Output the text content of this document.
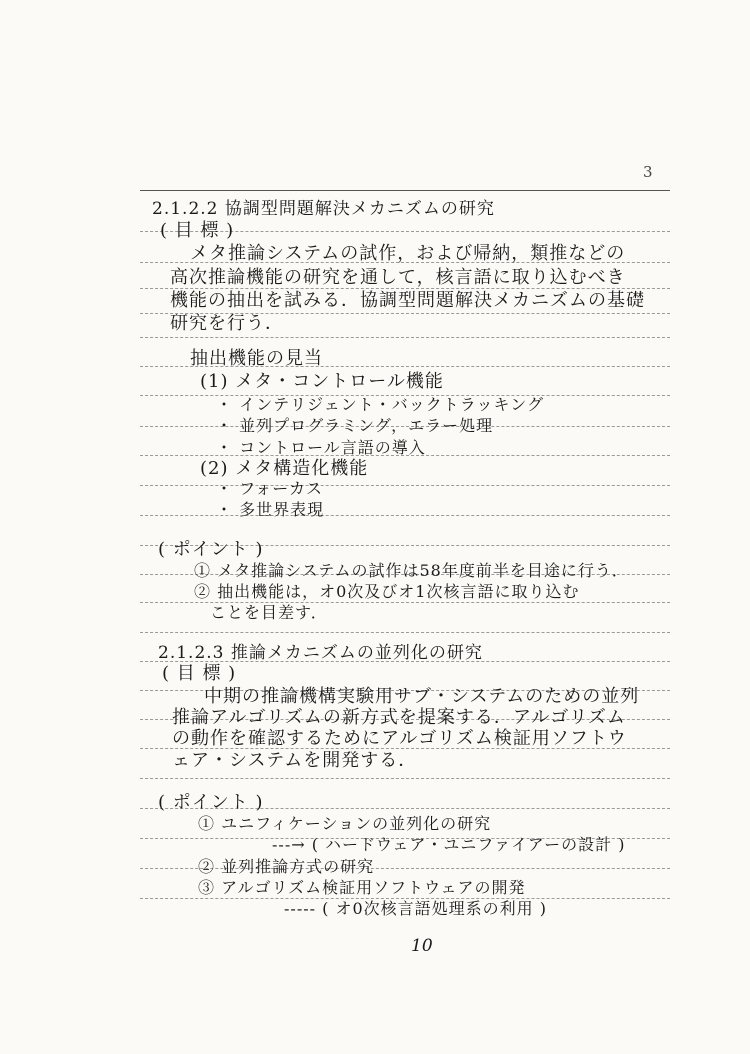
3
2.1.2.2 協調型問題解決メカニズムの研究
( 目 標 )
メタ推論システムの試作，および帰納，類推などの
高次推論機能の研究を通して，核言語に取り込むべき
機能の抽出を試みる．協調型問題解決メカニズムの基礎
研究を行う．
抽出機能の見当
(1) メタ・コントロール機能
・ インテリジェント・バックトラッキング
・ 並列プログラミング，エラー処理
・ コントロール言語の導入
(2) メタ構造化機能
・ フォーカス
・ 多世界表現
( ポイント )
① メタ推論システムの試作は58年度前半を目途に行う．
② 抽出機能は，オ0次及びオ1次核言語に取り込む
ことを目差す．
2.1.2.3 推論メカニズムの並列化の研究
( 目 標 )
中期の推論機構実験用サブ・システムのための並列
推論アルゴリズムの新方式を提案する．アルゴリズム
の動作を確認するためにアルゴリズム検証用ソフトウ
ェア・システムを開発する．
( ポイント )
① ユニフィケーションの並列化の研究
---→ ( ハードウェア・ユニファイアーの設計 )
② 並列推論方式の研究
③ アルゴリズム検証用ソフトウェアの開発
----- ( オ0次核言語処理系の利用 )
10
